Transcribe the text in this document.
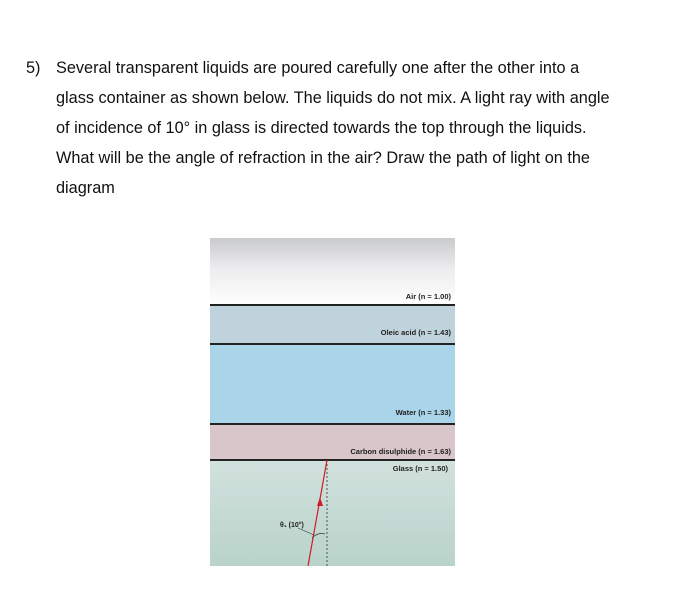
5) Several transparent liquids are poured carefully one after the other into a
glass container as shown below. The liquids do not mix. A light ray with angle
of incidence of 10° in glass is directed towards the top through the liquids.
What will be the angle of refraction in the air? Draw the path of light on the
diagram
Air (n = 1.00)
Oleic acid (n = 1.43)
Water (n = 1.33)
Carbon disulphide (n = 1.63)
Glass (n = 1.50)
θ₁ (10°)
